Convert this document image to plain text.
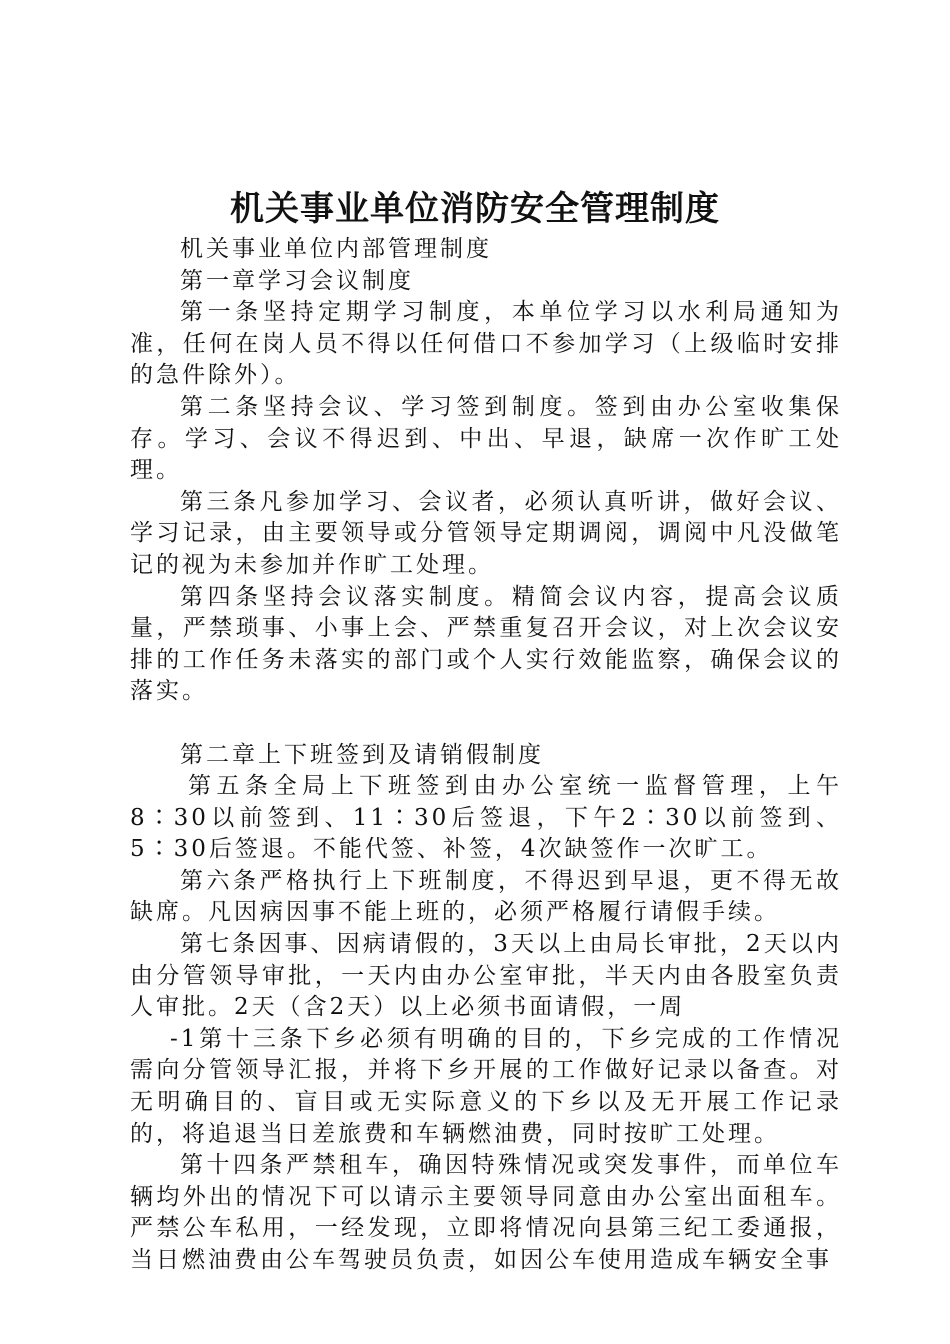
机关事业单位消防安全管理制度

机关事业单位内部管理制度

第一章学习会议制度

第一条坚持定期学习制度，本单位学习以水利局通知为准，任何在岗人员不得以任何借口不参加学习（上级临时安排的急件除外）。

第二条坚持会议、学习签到制度。签到由办公室收集保存。学习、会议不得迟到、中出、早退，缺席一次作旷工处理。

第三条凡参加学习、会议者，必须认真听讲，做好会议、学习记录，由主要领导或分管领导定期调阅，调阅中凡没做笔记的视为未参加并作旷工处理。

第四条坚持会议落实制度。精简会议内容，提高会议质量，严禁琐事、小事上会、严禁重复召开会议，对上次会议安排的工作任务未落实的部门或个人实行效能监察，确保会议的落实。

第二章上下班签到及请销假制度

第五条全局上下班签到由办公室统一监督管理，上午8∶30以前签到、11∶30后签退，下午2∶30以前签到、5∶30后签退。不能代签、补签，4次缺签作一次旷工。

第六条严格执行上下班制度，不得迟到早退，更不得无故缺席。凡因病因事不能上班的，必须严格履行请假手续。

第七条因事、因病请假的，3天以上由局长审批，2天以内由分管领导审批，一天内由办公室审批，半天内由各股室负责人审批。2天（含2天）以上必须书面请假，一周

-1第十三条下乡必须有明确的目的，下乡完成的工作情况需向分管领导汇报，并将下乡开展的工作做好记录以备查。对无明确目的、盲目或无实际意义的下乡以及无开展工作记录的，将追退当日差旅费和车辆燃油费，同时按旷工处理。

第十四条严禁租车，确因特殊情况或突发事件，而单位车辆均外出的情况下可以请示主要领导同意由办公室出面租车。严禁公车私用，一经发现，立即将情况向县第三纪工委通报，当日燃油费由公车驾驶员负责，如因公车使用造成车辆安全事
